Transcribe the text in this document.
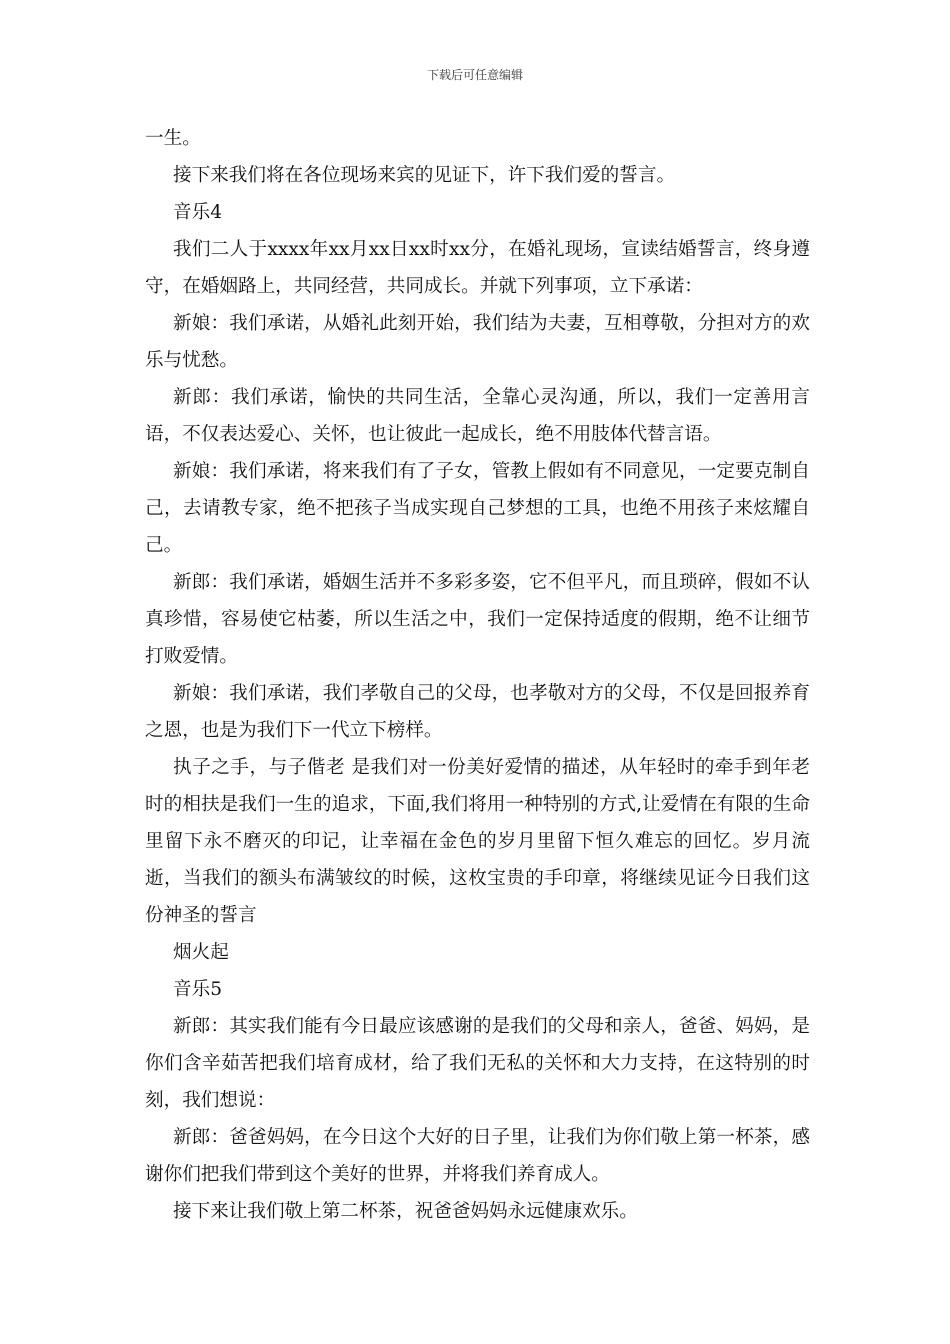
下载后可任意编辑

一生。

接下来我们将在各位现场来宾的见证下，许下我们爱的誓言。

音乐4

我们二人于xxxx年xx月xx日xx时xx分，在婚礼现场，宣读结婚誓言，终身遵守，在婚姻路上，共同经营，共同成长。并就下列事项，立下承诺：

新娘：我们承诺，从婚礼此刻开始，我们结为夫妻，互相尊敬，分担对方的欢乐与忧愁。

新郎：我们承诺，愉快的共同生活，全靠心灵沟通，所以，我们一定善用言语，不仅表达爱心、关怀，也让彼此一起成长，绝不用肢体代替言语。

新娘：我们承诺，将来我们有了子女，管教上假如有不同意见，一定要克制自己，去请教专家，绝不把孩子当成实现自己梦想的工具，也绝不用孩子来炫耀自己。

新郎：我们承诺，婚姻生活并不多彩多姿，它不但平凡，而且琐碎，假如不认真珍惜，容易使它枯萎，所以生活之中，我们一定保持适度的假期，绝不让细节打败爱情。

新娘：我们承诺，我们孝敬自己的父母，也孝敬对方的父母，不仅是回报养育之恩，也是为我们下一代立下榜样。

执子之手，与子偕老 是我们对一份美好爱情的描述，从年轻时的牵手到年老时的相扶是我们一生的追求，下面,我们将用一种特别的方式,让爱情在有限的生命里留下永不磨灭的印记，让幸福在金色的岁月里留下恒久难忘的回忆。岁月流逝，当我们的额头布满皱纹的时候，这枚宝贵的手印章，将继续见证今日我们这份神圣的誓言

烟火起

音乐5

新郎：其实我们能有今日最应该感谢的是我们的父母和亲人，爸爸、妈妈，是你们含辛茹苦把我们培育成材，给了我们无私的关怀和大力支持，在这特别的时刻，我们想说：

新郎：爸爸妈妈，在今日这个大好的日子里，让我们为你们敬上第一杯茶，感谢你们把我们带到这个美好的世界，并将我们养育成人。

接下来让我们敬上第二杯茶，祝爸爸妈妈永远健康欢乐。
